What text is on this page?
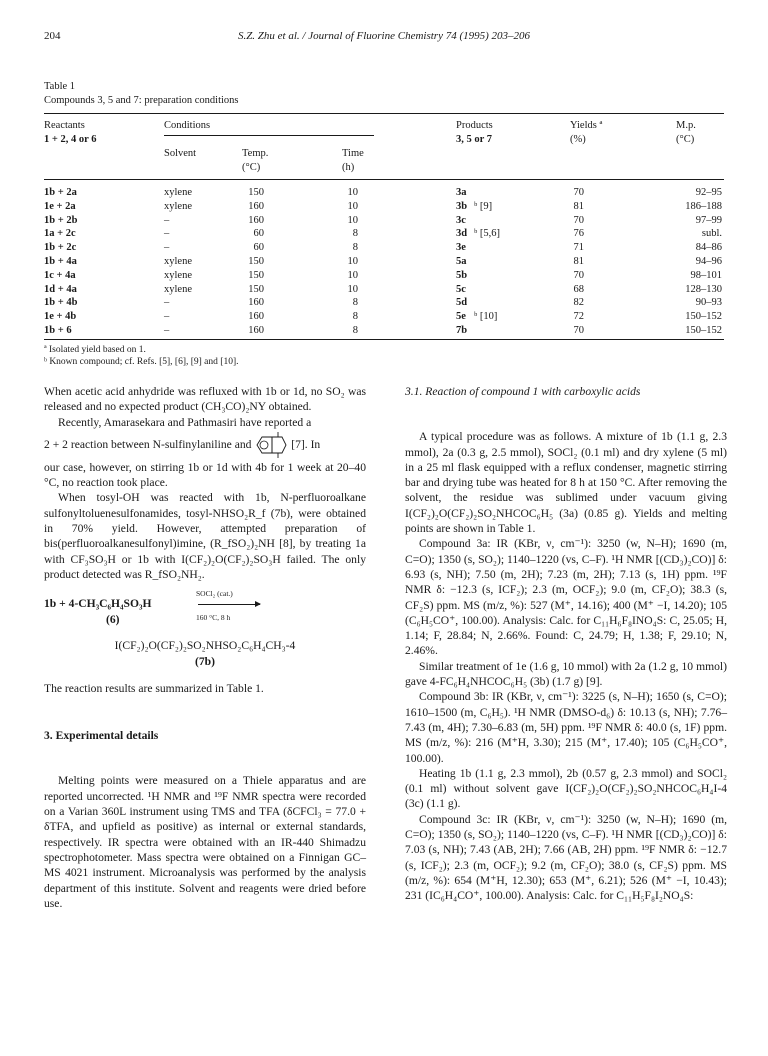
204	S.Z. Zhu et al. / Journal of Fluorine Chemistry 74 (1995) 203–206
Table 1
Compounds 3, 5 and 7: preparation conditions
Reactants
1 + 2, 4 or 6
Conditions
Solvent	Temp.
(°C)
Time
(h)
Products
3, 5 or 7
Yields ª
(%)
M.p.
(°C)
1b + 2a	xylene	150	10	3a	70	92–95
1e + 2a	xylene	160	10	3b ᵇ [9]	81	186–188
1b + 2b	–	160	10	3c	70	97–99
1a + 2c	–	60	8	3d ᵇ [5,6]	76	subl.
1b + 2c	–	60	8	3e	71	84–86
1b + 4a	xylene	150	10	5a	81	94–96
1c + 4a	xylene	150	10	5b	70	98–101
1d + 4a	xylene	150	10	5c	68	128–130
1b + 4b	–	160	8	5d	82	90–93
1e + 4b	–	160	8	5e ᵇ [10]	72	150–152
1b + 6	–	160	8	7b	70	150–152
ª Isolated yield based on 1.
ᵇ Known compound; cf. Refs. [5], [6], [9] and [10].

When acetic acid anhydride was refluxed with 1b or 1d, no SO₂ was released and no expected product (CH₃CO)₂NY obtained.

Recently, Amarasekara and Pathmasiri have reported a

2 + 2 reaction between N-sulfinylaniline and	[7]. In

our case, however, on stirring 1b or 1d with 4b for 1 week at 20–40 °C, no reaction took place.

When tosyl-OH was reacted with 1b, N-perfluoroalkane sulfonyltoluenesulfonamides, tosyl-NHSO₂R_f (7b), were obtained in 70% yield. However, attempted preparation of bis(perfluoroalkanesulfonyl)imine, (R_fSO₂)₂NH [8], by treating 1a with CF₃SO₃H or 1b with I(CF₂)₂O(CF₂)₂SO₃H failed. The only product detected was R_fSO₂NH₂.

SOCl₂ (cat.)
1b + 4-CH₃C₆H₄SO₃H
160 °C, 8 h
(6)
I(CF₂)₂O(CF₂)₂SO₂NHSO₂C₆H₄CH₃-4
(7b)

The reaction results are summarized in Table 1.

3. Experimental details

Melting points were measured on a Thiele apparatus and are reported uncorrected. ¹H NMR and ¹⁹F NMR spectra were recorded on a Varian 360L instrument using TMS and TFA (δCFCl₃ = 77.0 + δTFA, and upfield as positive) as internal or external standards, respectively. IR spectra were obtained with an IR-440 Shimadzu spectrophotometer. Mass spectra were obtained on a Finnigan GC–MS 4021 instrument. Microanalysis was performed by the analysis department of this institute. Solvent and reagents were dried before use.

3.1. Reaction of compound 1 with carboxylic acids

A typical procedure was as follows. A mixture of 1b (1.1 g, 2.3 mmol), 2a (0.3 g, 2.5 mmol), SOCl₂ (0.1 ml) and dry xylene (5 ml) in a 25 ml flask equipped with a reflux condenser, magnetic stirring bar and drying tube was heated for 8 h at 150 °C. After removing the solvent, the residue was sublimed under vacuum giving I(CF₂)₂O(CF₂)₂SO₂NHCOC₆H₅ (3a) (0.85 g). Yields and melting points are shown in Table 1.

Compound 3a: IR (KBr, ν, cm⁻¹): 3250 (w, N–H); 1690 (m, C=O); 1350 (s, SO₂); 1140–1220 (vs, C–F). ¹H NMR [(CD₃)₂CO)] δ: 6.93 (s, NH); 7.50 (m, 2H); 7.23 (m, 2H); 7.13 (s, 1H) ppm. ¹⁹F NMR δ: −12.3 (s, ICF₂); 2.3 (m, OCF₂); 9.0 (m, CF₂O); 38.3 (s, CF₂S) ppm. MS (m/z, %): 527 (M⁺, 14.16); 400 (M⁺ −I, 14.20); 105 (C₆H₅CO⁺, 100.00). Analysis: Calc. for C₁₁H₆F₈INO₄S: C, 25.05; H, 1.14; F, 28.84; N, 2.66%. Found: C, 24.79; H, 1.38; F, 29.10; N, 2.46%.

Similar treatment of 1e (1.6 g, 10 mmol) with 2a (1.2 g, 10 mmol) gave 4-FC₆H₄NHCOC₆H₅ (3b) (1.7 g) [9].

Compound 3b: IR (KBr, ν, cm⁻¹): 3225 (s, N–H); 1650 (s, C=O); 1610–1500 (m, C₆H₅). ¹H NMR (DMSO-d₆) δ: 10.13 (s, NH); 7.76–7.43 (m, 4H); 7.30–6.83 (m, 5H) ppm. ¹⁹F NMR δ: 40.0 (s, 1F) ppm. MS (m/z, %): 216 (M⁺H, 3.30); 215 (M⁺, 17.40); 105 (C₆H₅CO⁺, 100.00).

Heating 1b (1.1 g, 2.3 mmol), 2b (0.57 g, 2.3 mmol) and SOCl₂ (0.1 ml) without solvent gave I(CF₂)₂O(CF₂)₂SO₂NHCOC₆H₄I-4 (3c) (1.1 g).

Compound 3c: IR (KBr, ν, cm⁻¹): 3250 (w, N–H); 1690 (m, C=O); 1350 (s, SO₂); 1140–1220 (vs, C–F). ¹H NMR [(CD₃)₂CO)] δ: 7.03 (s, NH); 7.43 (AB, 2H); 7.66 (AB, 2H) ppm. ¹⁹F NMR δ: −12.7 (s, ICF₂); 2.3 (m, OCF₂); 9.2 (m, CF₂O); 38.0 (s, CF₂S) ppm. MS (m/z, %): 654 (M⁺H, 12.30); 653 (M⁺, 6.21); 526 (M⁺ −I, 10.43); 231 (IC₆H₄CO⁺, 100.00). Analysis: Calc. for C₁₁H₅F₈I₂NO₄S:
